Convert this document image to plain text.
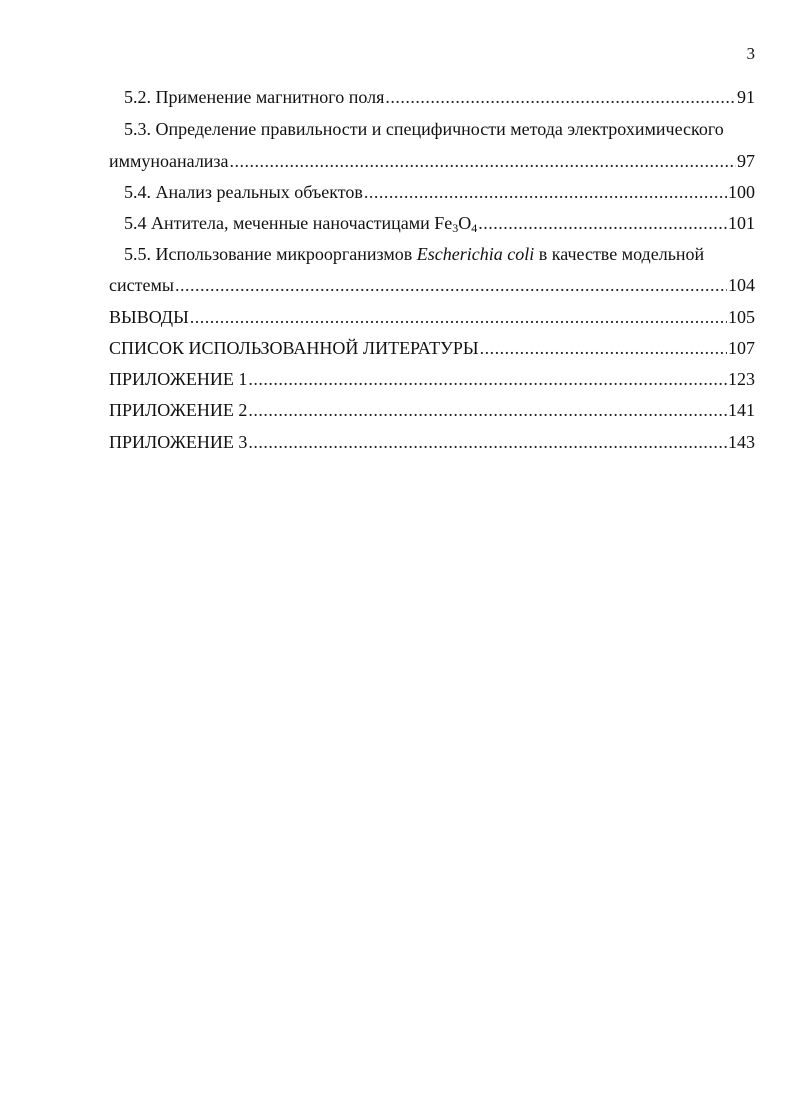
3
5.2. Применение магнитного поля .....	91
5.3. Определение правильности и специфичности метода электрохимического
иммуноанализа .....	97
5.4. Анализ реальных объектов .....	100
5.4 Антитела, меченные наночастицами $Fe_3O_4$ .....	101
5.5. Использование микроорганизмов Escherichia coli в качестве модельной
системы .....	104
ВЫВОДЫ .....	105
СПИСОК ИСПОЛЬЗОВАННОЙ ЛИТЕРАТУРЫ .....	107
ПРИЛОЖЕНИЕ 1 .....	123
ПРИЛОЖЕНИЕ 2 .....	141
ПРИЛОЖЕНИЕ 3 .....	143
